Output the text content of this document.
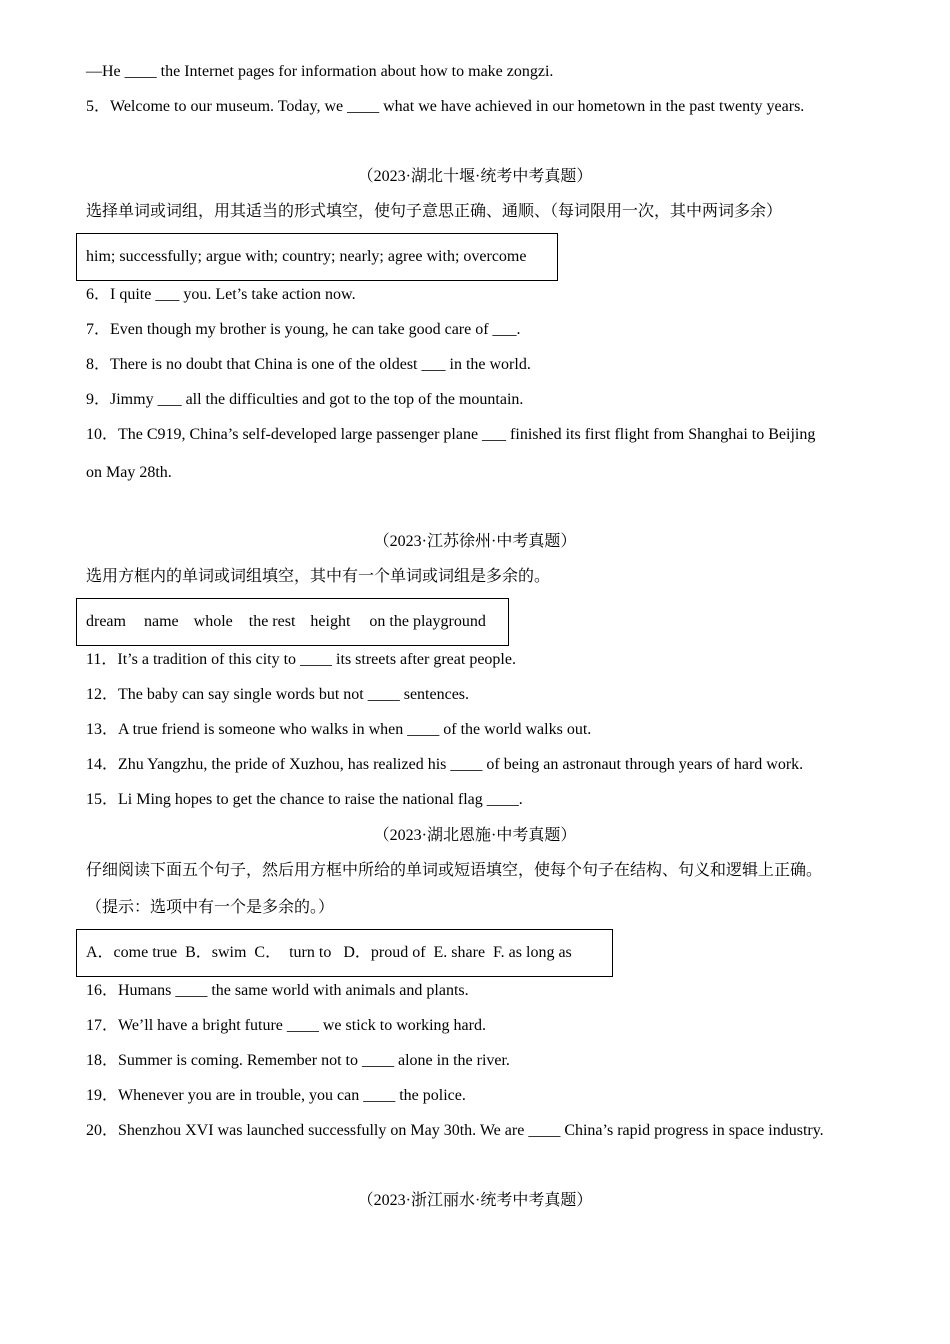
—He ____ the Internet pages for information about how to make zongzi.
5．Welcome to our museum. Today, we ____ what we have achieved in our hometown in the past twenty years.
（2023·湖北十堰·统考中考真题）
选择单词或词组，用其适当的形式填空，使句子意思正确、通顺、（每词限用一次，其中两词多余）
him; successfully; argue with; country; nearly; agree with; overcome
6．I quite ___ you. Let’s take action now.
7．Even though my brother is young, he can take good care of ___.
8．There is no doubt that China is one of the oldest ___ in the world.
9．Jimmy ___ all the difficulties and got to the top of the mountain.
10．The C919, China’s self-developed large passenger plane ___ finished its first flight from Shanghai to Beijing
on May 28th.
（2023·江苏徐州·中考真题）
选用方框内的单词或词组填空，其中有一个单词或词组是多余的。
dream name whole the rest height on the playground
11．It’s a tradition of this city to ____ its streets after great people.
12．The baby can say single words but not ____ sentences.
13．A true friend is someone who walks in when ____ of the world walks out.
14．Zhu Yangzhu, the pride of Xuzhou, has realized his ____ of being an astronaut through years of hard work.
15．Li Ming hopes to get the chance to raise the national flag ____.
（2023·湖北恩施·中考真题）
仔细阅读下面五个句子，然后用方框中所给的单词或短语填空，使每个句子在结构、句义和逻辑上正确。
（提示：选项中有一个是多余的。）
A．come true  B．swim  C．  turn to   D．proud of  E. share  F. as long as
16．Humans ____ the same world with animals and plants.
17．We’ll have a bright future ____ we stick to working hard.
18．Summer is coming. Remember not to ____ alone in the river.
19．Whenever you are in trouble, you can ____ the police.
20．Shenzhou XVI was launched successfully on May 30th. We are ____ China’s rapid progress in space industry.
（2023·浙江丽水·统考中考真题）
